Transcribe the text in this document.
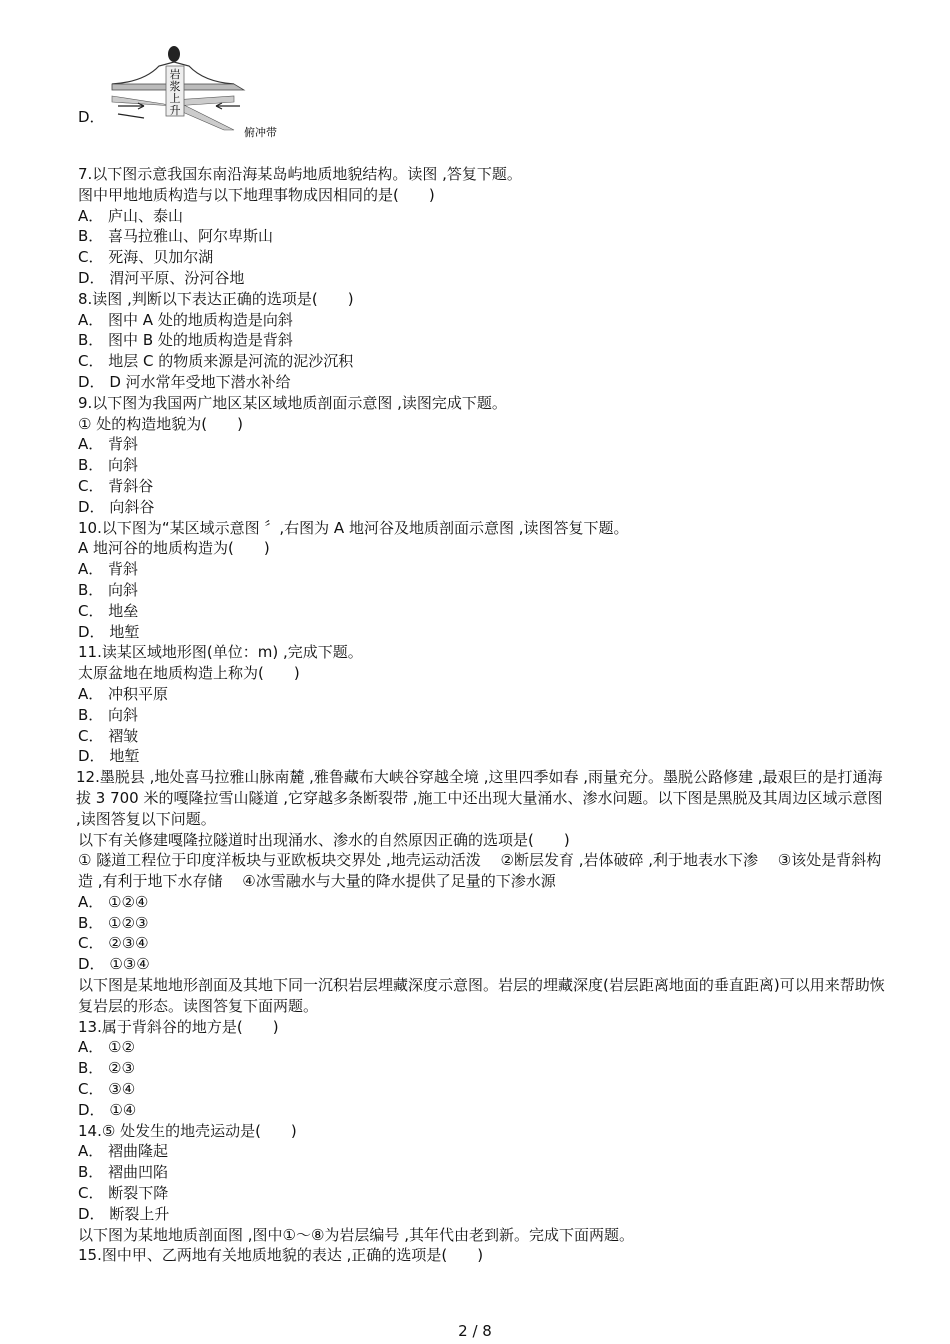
D．
岩
浆
上
升
俯冲带
7.以下图示意我国东南沿海某岛屿地质地貌结构。读图 ,答复下题。
图中甲地地质构造与以下地理事物成因相同的是(　　)
A． 庐山、泰山
B． 喜马拉雅山、阿尔卑斯山
C． 死海、贝加尔湖
D． 渭河平原、汾河谷地
8.读图 ,判断以下表达正确的选项是(　　)
A． 图中 A 处的地质构造是向斜
B． 图中 B 处的地质构造是背斜
C． 地层 C 的物质来源是河流的泥沙沉积
D． D 河水常年受地下潜水补给
9.以下图为我国两广地区某区域地质剖面示意图 ,读图完成下题。
① 处的构造地貌为(　　)
A． 背斜
B． 向斜
C． 背斜谷
D． 向斜谷
10.以下图为“某区域示意图 〞,右图为 A 地河谷及地质剖面示意图 ,读图答复下题。
A 地河谷的地质构造为(　　)
A． 背斜
B． 向斜
C． 地垒
D． 地堑
11.读某区域地形图(单位：m) ,完成下题。
太原盆地在地质构造上称为(　　)
A． 冲积平原
B． 向斜
C． 褶皱
D． 地堑
12.墨脱县 ,地处喜马拉雅山脉南麓 ,雅鲁藏布大峡谷穿越全境 ,这里四季如春 ,雨量充分。墨脱公路修建 ,最艰巨的是打通海拔 3 700 米的嘎隆拉雪山隧道 ,它穿越多条断裂带 ,施工中还出现大量涌水、渗水问题。以下图是黑脱及其周边区域示意图 ,读图答复以下问题。
以下有关修建嘎隆拉隧道时出现涌水、渗水的自然原因正确的选项是(　　)
① 隧道工程位于印度洋板块与亚欧板块交界处 ,地壳运动活泼　 ②断层发育 ,岩体破碎 ,利于地表水下渗　 ③该处是背斜构造 ,有利于地下水存储　 ④冰雪融水与大量的降水提供了足量的下渗水源
A． ①②④
B． ①②③
C． ②③④
D． ①③④
以下图是某地地形剖面及其地下同一沉积岩层埋藏深度示意图。岩层的埋藏深度(岩层距离地面的垂直距离)可以用来帮助恢复岩层的形态。读图答复下面两题。
13.属于背斜谷的地方是(　　)
A． ①②
B． ②③
C． ③④
D． ①④
14.⑤ 处发生的地壳运动是(　　)
A． 褶曲隆起
B． 褶曲凹陷
C． 断裂下降
D． 断裂上升
以下图为某地地质剖面图 ,图中①～⑧为岩层编号 ,其年代由老到新。完成下面两题。
15.图中甲、乙两地有关地质地貌的表达 ,正确的选项是(　　)
2 / 8
